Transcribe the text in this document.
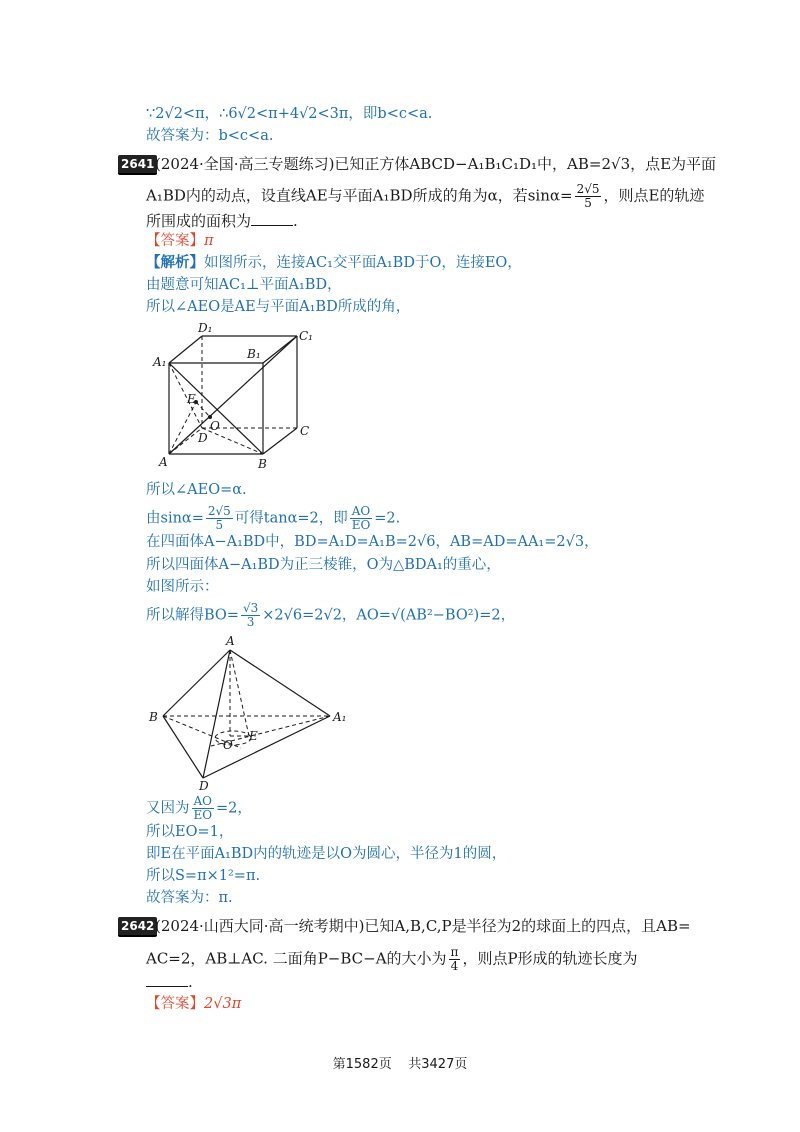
∵2√2<π，∴6√2<π+4√2<3π，即b<c<a.
故答案为：b<c<a.
2641 (2024·全国·高三专题练习)已知正方体ABCD−A₁B₁C₁D₁中，AB=2√3，点E为平面
A₁BD内的动点，设直线AE与平面A₁BD所成的角为α，若$\sin\alpha= \frac{2√5}{5}$ ，则点E的轨迹
所围成的面积为	.
【答案】π
【解析】如图所示，连接AC₁交平面A₁BD于O，连接EO，
由题意可知AC₁⊥平面A₁BD，
所以∠AEO是AE与平面A₁BD所成的角，
D₁
C₁
A₁
B₁
E
O
D	C
A	B
所以∠AEO=α.
由$\sin\alpha= \frac{2√5}{5}$ 可得tanα=2，即 $\frac{AO}{EO} =2$.
在四面体A−A₁BD中，BD=A₁D=A₁B=2√6，AB=AD=AA₁=2√3，
所以四面体A−A₁BD为正三棱锥，O为△BDA₁的重心，
如图所示：
所以解得$BO= \frac{√3}{3} \times 2√6=2√2$，AO=√(AB²−BO²)=2，
A
B	A₁
O
E
D
又因为 $\frac{AO}{EO} =2$，
所以EO=1，
即E在平面A₁BD内的轨迹是以O为圆心，半径为1的圆，
所以S=π×1²=π.
故答案为：π.
2642 (2024·山西大同·高一统考期中)已知A,B,C,P是半径为2的球面上的四点，且AB=
AC=2，AB⊥AC. 二面角P−BC−A的大小为 $\frac{\pi}{4}$ ，则点P形成的轨迹长度为
.
【答案】2√3π
第1582页 共3427页
